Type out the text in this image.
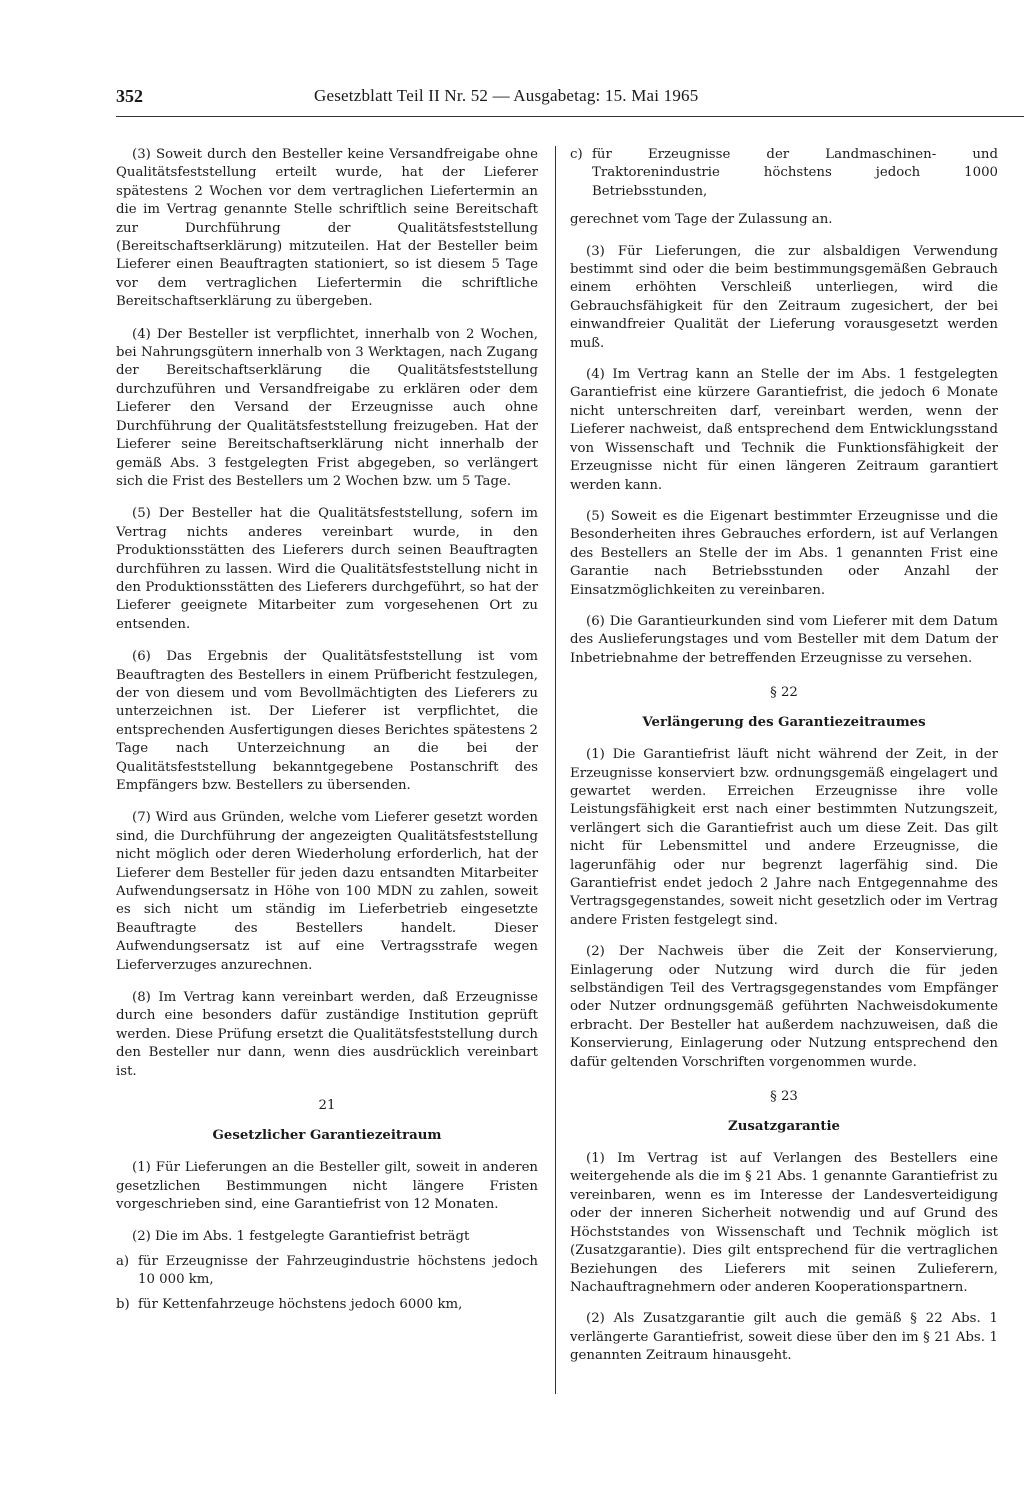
352	Gesetzblatt Teil II Nr. 52 — Ausgabetag: 15. Mai 1965

(3) Soweit durch den Besteller keine Versandfreigabe ohne Qualitätsfeststellung erteilt wurde, hat der Lieferer spätestens 2 Wochen vor dem vertraglichen Liefertermin an die im Vertrag genannte Stelle schriftlich seine Bereitschaft zur Durchführung der Qualitätsfeststellung (Bereitschaftserklärung) mitzuteilen. Hat der Besteller beim Lieferer einen Beauftragten stationiert, so ist diesem 5 Tage vor dem vertraglichen Liefertermin die schriftliche Bereitschaftserklärung zu übergeben.

(4) Der Besteller ist verpflichtet, innerhalb von 2 Wochen, bei Nahrungsgütern innerhalb von 3 Werktagen, nach Zugang der Bereitschaftserklärung die Qualitätsfeststellung durchzuführen und Versandfreigabe zu erklären oder dem Lieferer den Versand der Erzeugnisse auch ohne Durchführung der Qualitätsfeststellung freizugeben. Hat der Lieferer seine Bereitschaftserklärung nicht innerhalb der gemäß Abs. 3 festgelegten Frist abgegeben, so verlängert sich die Frist des Bestellers um 2 Wochen bzw. um 5 Tage.

(5) Der Besteller hat die Qualitätsfeststellung, sofern im Vertrag nichts anderes vereinbart wurde, in den Produktionsstätten des Lieferers durch seinen Beauftragten durchführen zu lassen. Wird die Qualitätsfeststellung nicht in den Produktionsstätten des Lieferers durchgeführt, so hat der Lieferer geeignete Mitarbeiter zum vorgesehenen Ort zu entsenden.

(6) Das Ergebnis der Qualitätsfeststellung ist vom Beauftragten des Bestellers in einem Prüfbericht festzulegen, der von diesem und vom Bevollmächtigten des Lieferers zu unterzeichnen ist. Der Lieferer ist verpflichtet, die entsprechenden Ausfertigungen dieses Berichtes spätestens 2 Tage nach Unterzeichnung an die bei der Qualitätsfeststellung bekanntgegebene Postanschrift des Empfängers bzw. Bestellers zu übersenden.

(7) Wird aus Gründen, welche vom Lieferer gesetzt worden sind, die Durchführung der angezeigten Qualitätsfeststellung nicht möglich oder deren Wiederholung erforderlich, hat der Lieferer dem Besteller für jeden dazu entsandten Mitarbeiter Aufwendungsersatz in Höhe von 100 MDN zu zahlen, soweit es sich nicht um ständig im Lieferbetrieb eingesetzte Beauftragte des Bestellers handelt. Dieser Aufwendungsersatz ist auf eine Vertragsstrafe wegen Lieferverzuges anzurechnen.

(8) Im Vertrag kann vereinbart werden, daß Erzeugnisse durch eine besonders dafür zuständige Institution geprüft werden. Diese Prüfung ersetzt die Qualitätsfeststellung durch den Besteller nur dann, wenn dies ausdrücklich vereinbart ist.

21
Gesetzlicher Garantiezeitraum

(1) Für Lieferungen an die Besteller gilt, soweit in anderen gesetzlichen Bestimmungen nicht längere Fristen vorgeschrieben sind, eine Garantiefrist von 12 Monaten.

(2) Die im Abs. 1 festgelegte Garantiefrist beträgt

a) für Erzeugnisse der Fahrzeugindustrie höchstens jedoch 10 000 km,
b) für Kettenfahrzeuge höchstens jedoch 6000 km,
c) für Erzeugnisse der Landmaschinen- und Traktorenindustrie höchstens jedoch 1000 Betriebsstunden,

gerechnet vom Tage der Zulassung an.

(3) Für Lieferungen, die zur alsbaldigen Verwendung bestimmt sind oder die beim bestimmungsgemäßen Gebrauch einem erhöhten Verschleiß unterliegen, wird die Gebrauchsfähigkeit für den Zeitraum zugesichert, der bei einwandfreier Qualität der Lieferung vorausgesetzt werden muß.

(4) Im Vertrag kann an Stelle der im Abs. 1 festgelegten Garantiefrist eine kürzere Garantiefrist, die jedoch 6 Monate nicht unterschreiten darf, vereinbart werden, wenn der Lieferer nachweist, daß entsprechend dem Entwicklungsstand von Wissenschaft und Technik die Funktionsfähigkeit der Erzeugnisse nicht für einen längeren Zeitraum garantiert werden kann.

(5) Soweit es die Eigenart bestimmter Erzeugnisse und die Besonderheiten ihres Gebrauches erfordern, ist auf Verlangen des Bestellers an Stelle der im Abs. 1 genannten Frist eine Garantie nach Betriebsstunden oder Anzahl der Einsatzmöglichkeiten zu vereinbaren.

(6) Die Garantieurkunden sind vom Lieferer mit dem Datum des Auslieferungstages und vom Besteller mit dem Datum der Inbetriebnahme der betreffenden Erzeugnisse zu versehen.

§ 22
Verlängerung des Garantiezeitraumes

(1) Die Garantiefrist läuft nicht während der Zeit, in der Erzeugnisse konserviert bzw. ordnungsgemäß eingelagert und gewartet werden. Erreichen Erzeugnisse ihre volle Leistungsfähigkeit erst nach einer bestimmten Nutzungszeit, verlängert sich die Garantiefrist auch um diese Zeit. Das gilt nicht für Lebensmittel und andere Erzeugnisse, die lagerunfähig oder nur begrenzt lagerfähig sind. Die Garantiefrist endet jedoch 2 Jahre nach Entgegennahme des Vertragsgegenstandes, soweit nicht gesetzlich oder im Vertrag andere Fristen festgelegt sind.

(2) Der Nachweis über die Zeit der Konservierung, Einlagerung oder Nutzung wird durch die für jeden selbständigen Teil des Vertragsgegenstandes vom Empfänger oder Nutzer ordnungsgemäß geführten Nachweisdokumente erbracht. Der Besteller hat außerdem nachzuweisen, daß die Konservierung, Einlagerung oder Nutzung entsprechend den dafür geltenden Vorschriften vorgenommen wurde.

§ 23
Zusatzgarantie

(1) Im Vertrag ist auf Verlangen des Bestellers eine weitergehende als die im § 21 Abs. 1 genannte Garantiefrist zu vereinbaren, wenn es im Interesse der Landesverteidigung oder der inneren Sicherheit notwendig und auf Grund des Höchststandes von Wissenschaft und Technik möglich ist (Zusatzgarantie). Dies gilt entsprechend für die vertraglichen Beziehungen des Lieferers mit seinen Zulieferern, Nachauftragnehmern oder anderen Kooperationspartnern.

(2) Als Zusatzgarantie gilt auch die gemäß § 22 Abs. 1 verlängerte Garantiefrist, soweit diese über den im § 21 Abs. 1 genannten Zeitraum hinausgeht.
